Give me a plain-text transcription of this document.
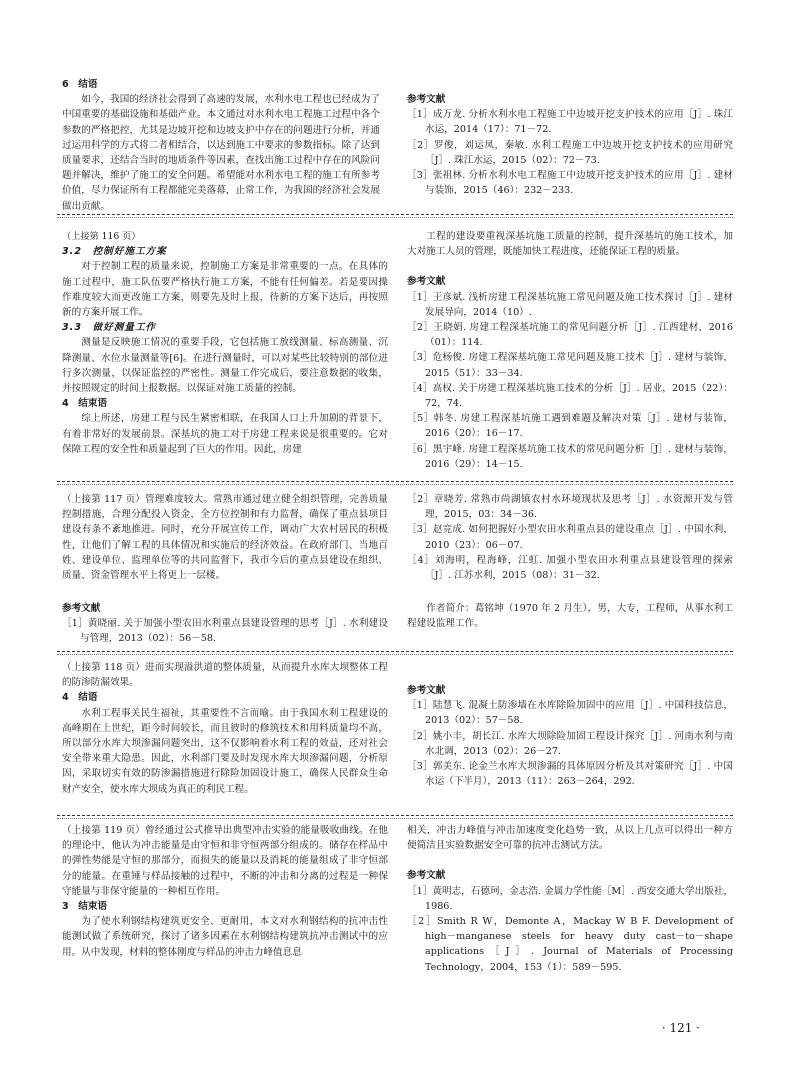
6　结语

如今，我国的经济社会得到了高速的发展，水利水电工程也已经成为了中国重要的基础设施和基础产业。本文通过对水利水电工程施工过程中各个参数的严格把控，尤其是边坡开挖和边坡支护中存在的问题进行分析，并通过运用科学的方式将二者相结合，以达到施工中要求的参数指标。除了达到质量要求，还结合当时的地质条件等因素，查找出施工过程中存在的风险问题并解决，维护了施工的安全问题。希望能对水利水电工程的施工有所参考价值，尽力保证所有工程都能完美落幕，止常工作，为我国的经济社会发展做出贡献。

参考文献
［1］成万龙. 分析水利水电工程施工中边坡开挖支护技术的应用［J］. 珠江水运，2014（17）：71－72.
［2］罗俊，刘运凤，秦敏. 水利工程施工中边坡开挖支护技术的应用研究［J］. 珠江水运，2015（02）：72－73.
［3］张祖林. 分析水利水电工程施工中边坡开挖支护技术的应用［J］. 建材与装饰，2015（46）：232－233.
（上接第 116 页）
3.2　控制好施工方案

对于控制工程的质量来说，控制施工方案是非常重要的一点。在具体的施工过程中，施工队伍要严格执行施工方案，不能有任何偏差。若是要因操作难度较大而更改施工方案，则要先及时上报，待新的方案下达后，再按照新的方案开展工作。

3.3　做好测量工作

测量是反映施工情况的重要手段，它包括施工放线测量、标高测量、沉降测量、水位水量测量等[6]。在进行测量时，可以对某些比较特别的部位进行多次测量，以保证监控的严密性。测量工作完成后，要注意数据的收集，并按照规定的时间上报数据。以保证对施工质量的控制。

4　结束语

综上所述，房建工程与民生紧密相联，在我国人口上升加剧的背景下，有着非常好的发展前景。深基坑的施工对于房建工程来说是很重要的。它对保障工程的安全性和质量起到了巨大的作用。因此，房建

工程的建设要重视深基坑施工质量的控制，提升深基坑的施工技术，加大对施工人员的管理，既能加快工程进度，还能保证工程的质量。

参考文献
［1］王彦斌. 浅析房建工程深基坑施工常见问题及施工技术探讨［J］. 建材发展导向，2014（10）.
［2］王晓娟. 房建工程深基坑施工的常见问题分析［J］. 江西建材，2016（01）：114.
［3］危杨俊. 房建工程深基坑施工常见问题及施工技术［J］. 建材与装饰，2015（51）：33－34.
［4］高权. 关于房建工程深基坑施工技术的分析［J］. 居业，2015（22）：72，74.
［5］韩冬. 房建工程深基坑施工遇到难题及解决对策［J］. 建材与装饰，2016（20）：16－17.
［6］黑宇峰. 房建工程深基坑施工技术的常见问题分析［J］. 建材与装饰，2016（29）：14－15.

（上接第 117 页）管理难度较大。常熟市通过建立健全组织管理，完善质量控制措施，合理分配投入资金，全方位控制和有力监督，确保了重点县项目建设有条不紊地推进。同时，充分开展宣传工作，调动广大农村居民的积极性，让他们了解工程的具体情况和实施后的经济效益。在政府部门、当地百姓、建设单位、监理单位等的共同监督下，我市今后的重点县建设在组织、质量、资金管理水平上将更上一层楼。

［2］章晓芳. 常熟市尚湖镇农村水环境现状及思考［J］. 水资源开发与管理，2015，03：34－36.
［3］赵竞成. 如何把握好小型农田水利重点县的建设重点［J］. 中国水利，2010（23）：06－07.
［4］刘海明，程海峰，江虹. 加强小型农田水利重点县建设管理的探索［J］. 江苏水利，2015（08）：31－32.
参考文献
［1］黄晓丽. 关于加强小型农田水利重点县建设管理的思考［J］. 水利建设与管理，2013（02）：56－58.

作者简介：葛铭坤（1970 年 2 月生），男，大专，工程师，从事水利工程建设监理工作。

（上接第 118 页）进而实现溢洪道的整体质量，从而提升水库大坝整体工程的防渗防漏效果。

4　结语

水利工程事关民生福祉，其重要性不言而喻。由于我国水利工程建设的高峰期在上世纪，距今时间较长，而且彼时的修筑技术和用料质量均不高，所以部分水库大坝渗漏问题突出，这不仅影响着水利工程的效益，还对社会安全带来重大隐患。因此，水利部门要及时发现水库大坝渗漏问题，分析原因，采取切实有效的防渗漏措施进行除险加固设计施工，确保人民群众生命财产安全，使水库大坝成为真正的利民工程。

参考文献
［1］陆慧飞. 混凝土防渗墙在水库除险加固中的应用［J］. 中国科技信息，2013（02）：57－58.
［2］姚小丰，胡长江. 水库大坝除险加固工程设计探究［J］. 河南水利与南水北调，2013（02）：26－27.
［3］郭美东. 论金兰水库大坝渗漏的具体原因分析及其对策研究［J］. 中国水运（下半月），2013（11）：263－264，292.

（上接第 119 页）曾经通过公式推导出典型冲击实验的能量吸收曲线。在他的理论中，他认为冲击能量是由守恒和非守恒两部分组成的。储存在样品中的弹性势能是守恒的那部分，而损失的能量以及消耗的能量组成了非守恒部分的能量。在重锤与样品接触的过程中，不断的冲击和分离的过程是一种保守能量与非保守能量的一种相互作用。

3　结束语

为了使水利钢结构建筑更安全、更耐用，本文对水利钢结构的抗冲击性能测试做了系统研究，探讨了诸多因素在水利钢结构建筑抗冲击测试中的应用。从中发现，材料的整体刚度与样品的冲击力峰值息息

相关，冲击力峰值与冲击加速度变化趋势一致，从以上几点可以得出一种方便简洁且实验数据安全可靠的抗冲击测试方法。

参考文献
［1］黄明志，石德珂，金志浩. 金属力学性能［M］. 西安交通大学出版社，1986.
［2］Smith R W，Demonte A，Mackay W B F. Development of high－manganese steels for heavy duty cast－to－shape applications［J］. Journal of Materials of Processing Technology，2004，153（1）：589－595.
· 121 ·
